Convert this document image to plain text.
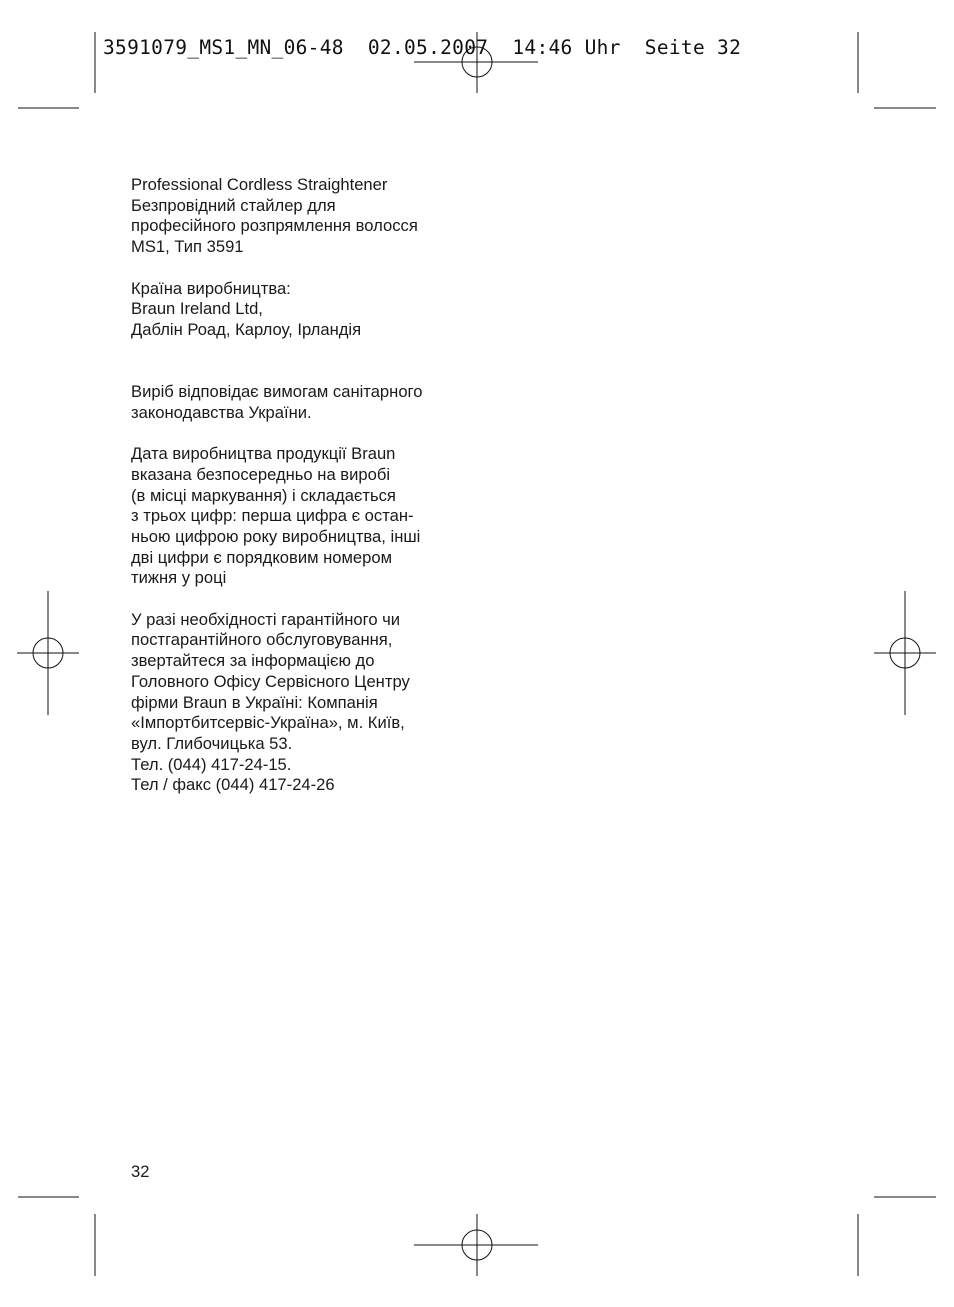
3591079_MS1_MN_06-48  02.05.2007  14:46 Uhr  Seite 32
Professional Cordless Straightener
Безпровідний стайлер для
професійного розпрямлення волосся
MS1, Тип 3591
Країна виробництва:
Braun Ireland Ltd,
Даблін Роад, Карлоу, Ірландія
Виріб відповідає вимогам санітарного
законодавства України.
Дата виробництва продукції Braun
вказана безпосередньо на виробі
(в місці маркування) і складається
з трьох цифр: перша цифра є остан-
ньою цифрою року виробництва, інші
дві цифри є порядковим номером
тижня у році
У разі необхідності гарантійного чи
постгарантійного обслуговування,
звертайтеся за інформацією до
Головного Офісу Сервісного Центру
фірми Braun в Україні: Компанія
«Імпортбитсервіс-Україна», м. Київ,
вул. Глибочицька 53.
Тел. (044) 417-24-15.
Тел / факс (044) 417-24-26
32
